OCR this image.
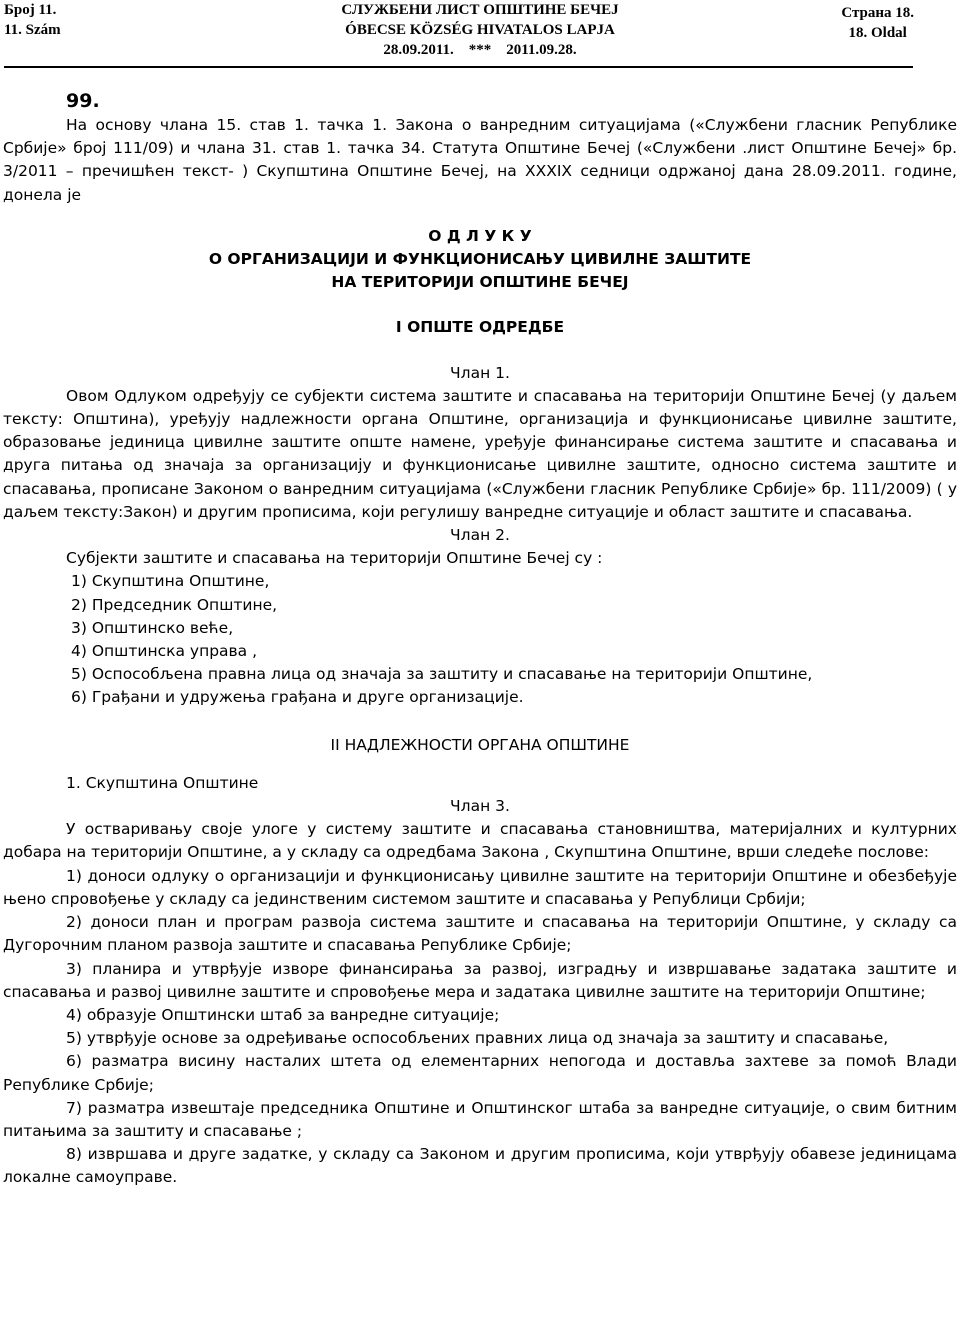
Број 11.
11. Szám
СЛУЖБЕНИ ЛИСТ ОПШТИНЕ БЕЧЕЈ
ÓBECSE KÖZSÉG HIVATALOS LAPJA
28.09.2011.    ***    2011.09.28.
Страна 18.
18. Oldal

99.

На основу члана 15. став 1. тачка 1. Закона о ванредним ситуацијама («Службени гласник Републике Србије» број 111/09) и члана 31. став 1. тачка 34. Статута Општине Бечеј («Службени .лист Општине Бечеј» бр. 3/2011 – пречишћен текст- ) Скупштина Општине Бечеј, на XXXIX седници одржаној дана 28.09.2011. године, донела је

О Д Л У К У

О ОРГАНИЗАЦИЈИ И ФУНКЦИОНИСАЊУ ЦИВИЛНЕ ЗАШТИТЕ

НА ТЕРИТОРИЈИ ОПШТИНЕ БЕЧЕЈ

I ОПШТЕ ОДРЕДБЕ

Члан 1.

Овом Одлуком одређују се субјекти система заштите и спасавања на територији Општине Бечеј (у даљем тексту: Општина), уређују надлежности органа Општине, организација и функционисање цивилне заштите, образовање јединица цивилне заштите опште намене, уређује финансирање система заштите и спасавања и друга питања од значаја за организацију и функционисање цивилне заштите, односно система заштите и спасавања, прописане Законом о ванредним ситуацијама («Службени гласник Републике Србије» бр. 111/2009) ( у даљем тексту:Закон) и другим прописима, који регулишу ванредне ситуације и област заштите и спасавања.

Члан 2.

Субјекти заштите и спасавања на територији Општине Бечеј су :

1) Скупштина Општине,

2) Председник Општине,

3) Општинско веће,

4) Општинска управа ,

5) Оспособљена правна лица од значаја за заштиту и спасавање на територији Општине,

6) Грађани и удружења грађана и друге организације.

II НАДЛЕЖНОСТИ ОРГАНА ОПШТИНЕ

1. Скупштина Општине

Члан 3.

У остваривању своје улоге у систему заштите и спасавања становништва, материјалних и културних добара на територији Општине, а у складу са одредбама Закона , Скупштина Општине, врши следеће послове:

1) доноси одлуку о организацији и функционисању цивилне заштите на територији Општине и обезбеђује њено спровођење у складу са јединственим системом заштите и спасавања у Републици Србији;

2) доноси план и програм развоја система заштите и спасавања на територији Општине, у складу са Дугорочним планом развоја заштите и спасавања Републике Србије;

3) планира и утврђује изворе финансирања за развој, изградњу и извршавање задатака заштите и спасавања и развој цивилне заштите и спровођење мера и задатака цивилне заштите на територији Општине;

4) образује Општински штаб за ванредне ситуације;

5) утврђује основе за одређивање оспособљених правних лица од значаја за заштиту и спасавање,

6) разматра висину насталих штета од елементарних непогода и доставља захтеве за помоћ Влади Републике Србије;

7) разматра извештаје председника Општине и Општинског штаба за ванредне ситуације, о свим битним питањима за заштиту и спасавање ;

8) извршава и друге задатке, у складу са Законом и другим прописима, који утврђују обавезе јединицама локалне самоуправе.
